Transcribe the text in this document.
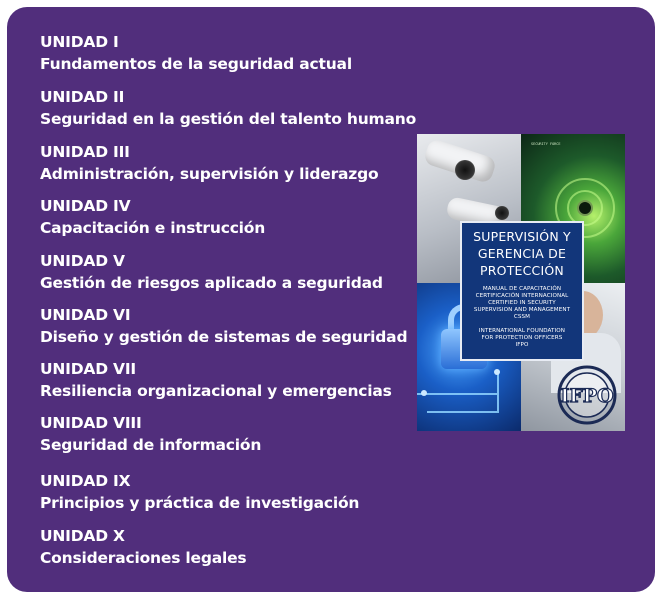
UNIDAD I
Fundamentos de la seguridad actual
UNIDAD II
Seguridad en la gestión del talento humano
UNIDAD III
Administración, supervisión y liderazgo
UNIDAD IV
Capacitación e instrucción
UNIDAD V
Gestión de riesgos aplicado a seguridad
UNIDAD VI
Diseño y gestión de sistemas de seguridad
UNIDAD VII
Resiliencia organizacional y emergencias
UNIDAD VIII
Seguridad de información
UNIDAD IX
Principios y práctica de investigación
UNIDAD X
Consideraciones legales
SECURITY FORCE
SUPERVISIÓN Y
GERENCIA DE
PROTECCIÓN
MANUAL DE CAPACITACIÓN
CERTIFICACIÓN INTERNACIONAL
CERTIFIED IN SECURITY
SUPERVISION AND MANAGEMENT
CSSM
INTERNATIONAL FOUNDATION
FOR PROTECTION OFFICERS
IFPO
IFPO
